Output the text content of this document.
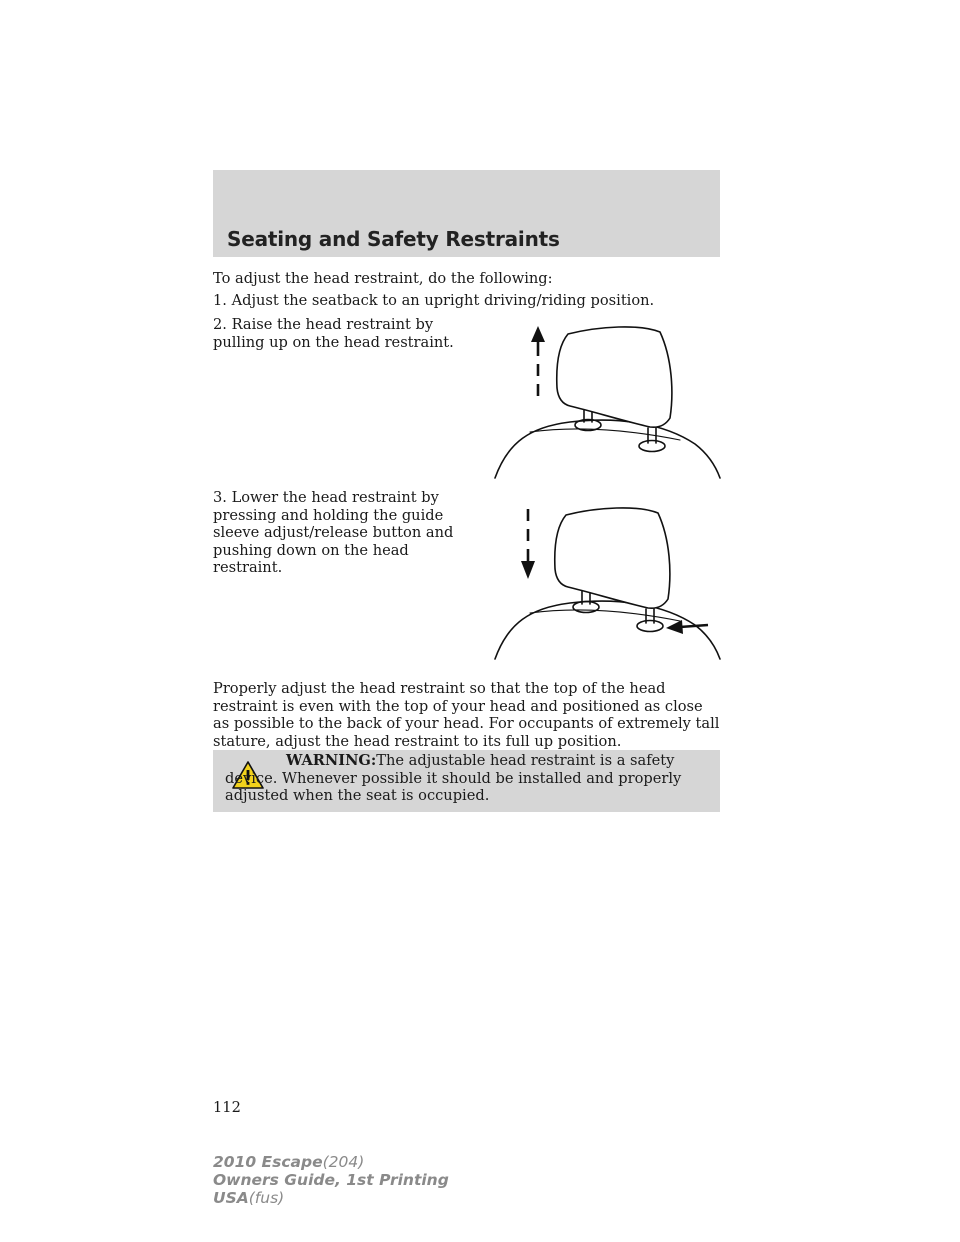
Seating and Safety Restraints

To adjust the head restraint, do the following:

1. Adjust the seatback to an upright driving/riding position.

2. Raise the head restraint by pulling up on the head restraint.

3. Lower the head restraint by pressing and holding the guide sleeve adjust/release button and pushing down on the head restraint.

Properly adjust the head restraint so that the top of the head restraint is even with the top of your head and positioned as close as possible to the back of your head. For occupants of extremely tall stature, adjust the head restraint to its full up position.

WARNING:The adjustable head restraint is a safety device. Whenever possible it should be installed and properly adjusted when the seat is occupied.

112

2010 Escape(204)
Owners Guide, 1st Printing
USA(fus)
